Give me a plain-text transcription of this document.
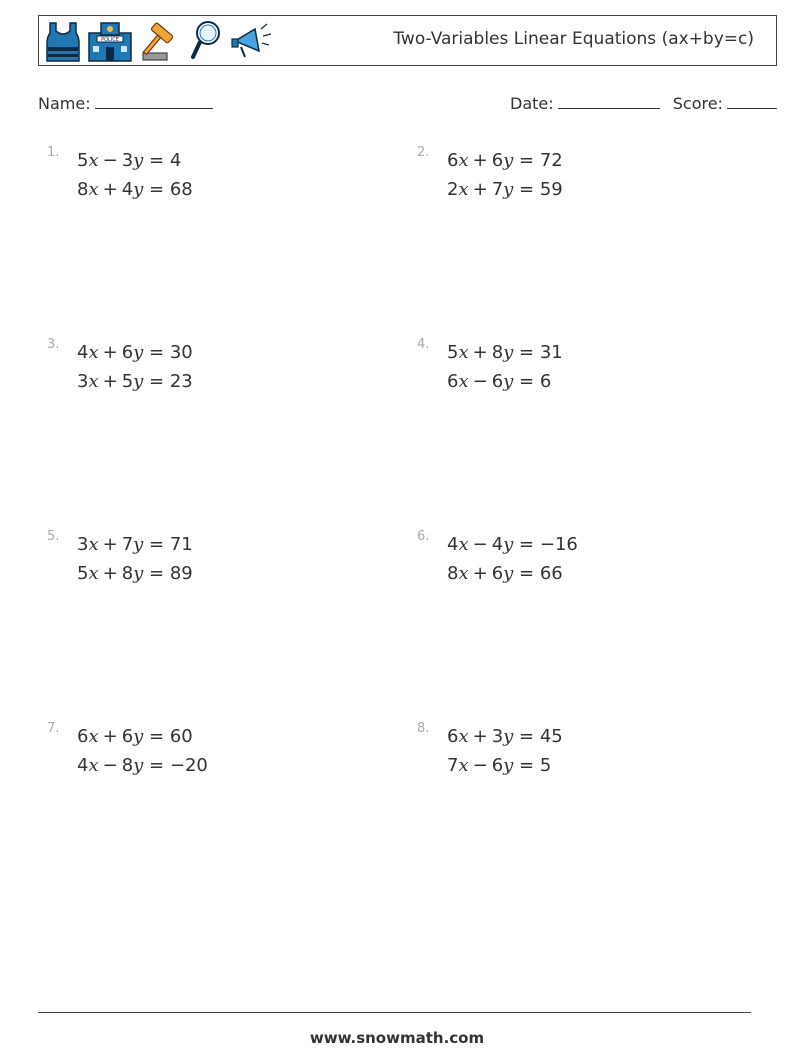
POLICE	Two-Variables Linear Equations (ax+by=c)
Name:	Date:	Score:
1. 5x − 3y = 4
8x + 4y = 68
2. 6x + 6y = 72
2x + 7y = 59
3. 4x + 6y = 30
3x + 5y = 23
4. 5x + 8y = 31
6x − 6y = 6
5. 3x + 7y = 71
5x + 8y = 89
6. 4x − 4y = −16
8x + 6y = 66
7. 6x + 6y = 60
4x − 8y = −20
8. 6x + 3y = 45
7x − 6y = 5
www.snowmath.com
